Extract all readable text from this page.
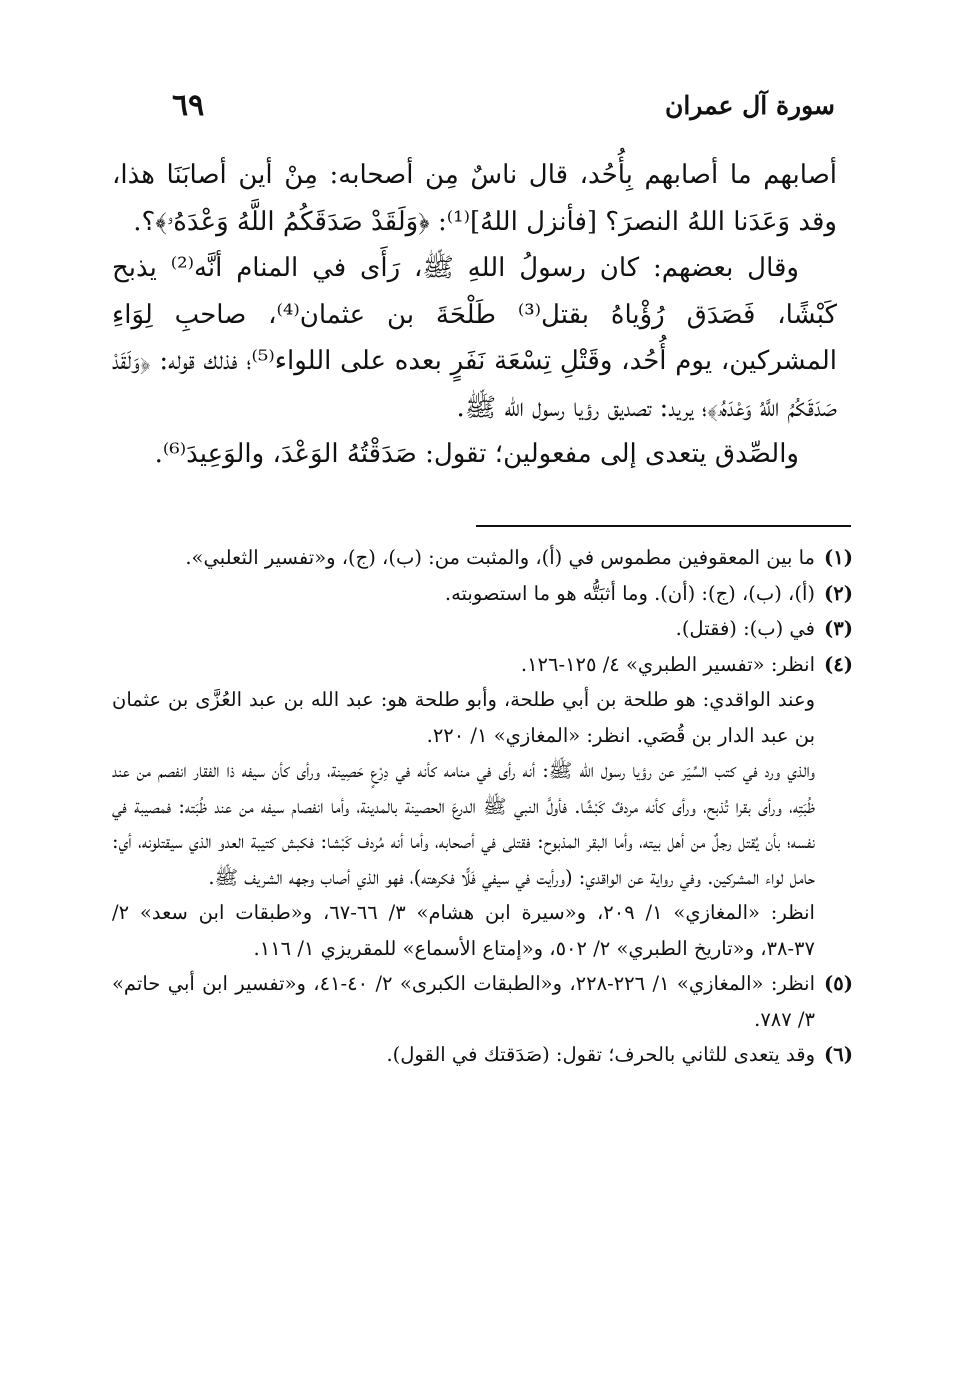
سورة آل عمران
٦٩

أصابهم ما أصابهم بِأُحُد، قال ناسٌ مِن أصحابه: مِنْ أين أصابَنَا هذا، وقد وَعَدَنا اللهُ النصرَ؟ [فأنزل اللهُ]⁽¹⁾: ﴿وَلَقَدْ صَدَقَكُمُ اللَّهُ وَعْدَهُۥ﴾؟.

وقال بعضهم: كان رسولُ اللهِ ﷺ، رَأَى في المنام أنَّه⁽²⁾ يذبح كَبْشًا، فَصَدَق رُؤْياهُ بقتل⁽³⁾ طَلْحَةَ بن عثمان⁽⁴⁾، صاحبِ لِوَاءِ المشركين، يوم أُحُد، وقَتْلِ تِسْعَة نَفَرٍ بعده على اللواء⁽⁵⁾؛ فذلك قوله: ﴿وَلَقَدْ صَدَقَكُمُ اللَّهُ وَعْدَهُۥ﴾؛ يريد: تصديق رؤيا رسول الله ﷺ.

والصِّدق يتعدى إلى مفعولين؛ تقول: صَدَقْتُهُ الوَعْدَ، والوَعِيدَ⁽⁶⁾.

(١)

ما بين المعقوفين مطموس في (أ)، والمثبت من: (ب)، (ج)، و«تفسير الثعلبي».

(٢)

(أ)، (ب)، (ج): (أن). وما أثبَتُّه هو ما استصوبته.

(٣)

في (ب): (فقتل).

(٤)

انظر: «تفسير الطبري» ٤/ ١٢٥-١٢٦.

وعند الواقدي: هو طلحة بن أبي طلحة، وأبو طلحة هو: عبد الله بن عبد العُزَّى بن عثمان بن عبد الدار بن قُصَي. انظر: «المغازي» ١/ ٢٢٠.

والذي ورد في كتب السِّيَر عن رؤيا رسول الله ﷺ: أنه رأى في منامه كأنه في دِرْعٍ حَصِينة، ورأى كأن سيفه ذا الفقار انفصم من عند ظُبَتِه، ورأى بقرا تُذبح، ورأى كأنه مردفٌ كَبْشًا. فأولَّ النبي ﷺ الدرعَ الحصينة بالمدينة، وأما انفصام سيفه من عند ظُبَته: فمصيبة في نفسه؛ بأن يُقتل رجلٌ من أهل بيته، وأما البقر المذبوح: فقتلى في أصحابه، وأما أنه مُردف كَبْشا: فكبش كتيبة العدو الذي سيقتلونه، أي: حامل لواء المشركين. وفي رواية عن الواقدي: (ورأيت في سيفي فَلًّا فكرهته)، فهو الذي أصاب وجهه الشريف ﷺ.

انظر: «المغازي» ١/ ٢٠٩، و«سيرة ابن هشام» ٣/ ٦٦-٦٧، و«طبقات ابن سعد» ٢/ ٣٧-٣٨، و«تاريخ الطبري» ٢/ ٥٠٢، و«إمتاع الأسماع» للمقريزي ١/ ١١٦.

(٥)

انظر: «المغازي» ١/ ٢٢٦-٢٢٨، و«الطبقات الكبرى» ٢/ ٤٠-٤١، و«تفسير ابن أبي حاتم» ٣/ ٧٨٧.

(٦)

وقد يتعدى للثاني بالحرف؛ تقول: (صَدَقتك في القول).
